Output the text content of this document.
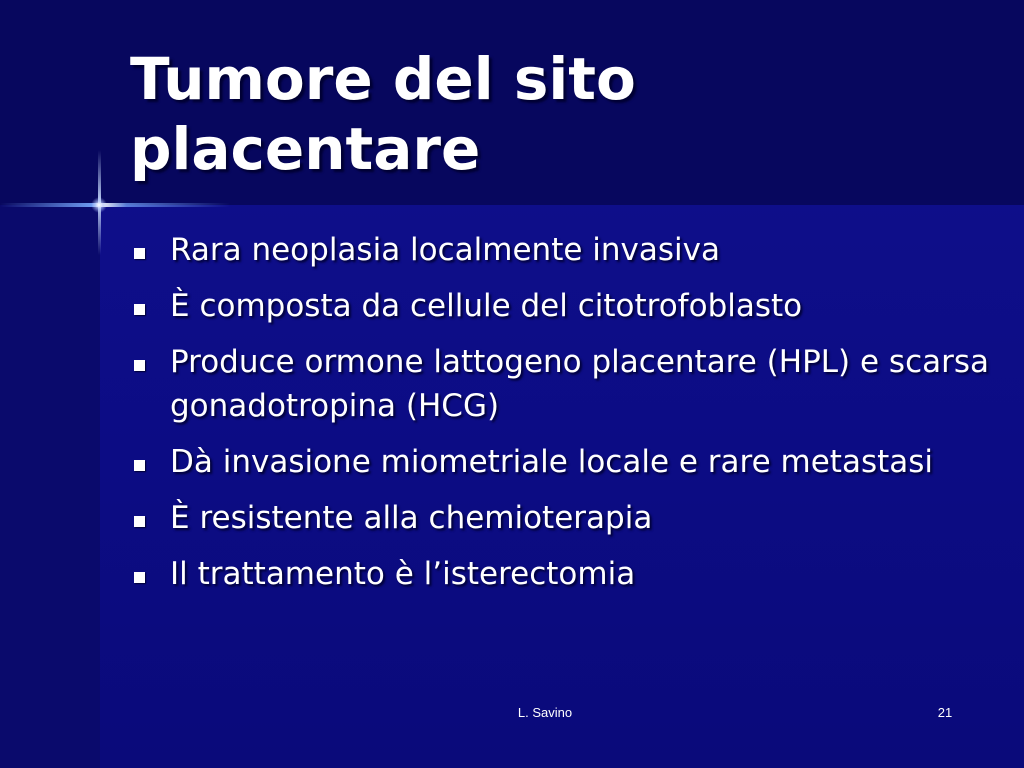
Tumore del sito placentare
Rara neoplasia localmente invasiva
È composta da cellule del citotrofoblasto
Produce ormone lattogeno placentare (HPL) e scarsa gonadotropina (HCG)
Dà invasione miometriale locale e rare metastasi
È resistente alla chemioterapia
Il trattamento è l’isterectomia
L. Savino	21
